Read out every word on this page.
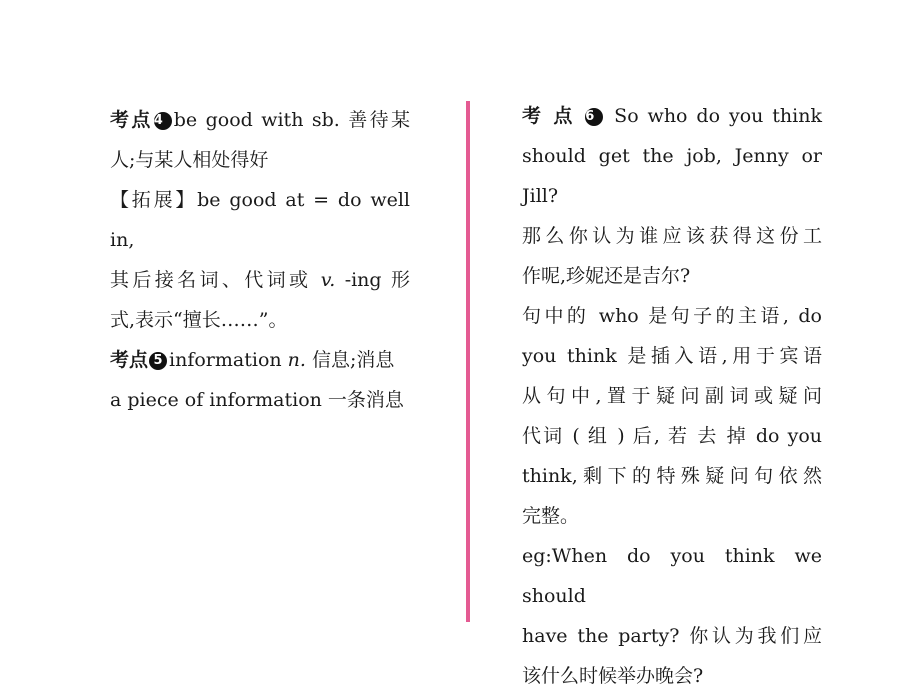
考点4 be good with sb. 善待某
人;与某人相处得好
【拓展】be good at = do well in,
其后接名词、代词或 v. -ing 形
式,表示“擅长……”。
考点 5 information n. 信息;消息
a piece of information 一条消息
考 点 6 So who do you think
should get the job, Jenny or Jill?
那么你认为谁应该获得这份工
作呢,珍妮还是吉尔?
句中的 who 是句子的主语, do
you think 是插入语,用于宾语
从句中,置于疑问副词或疑问
代词 ( 组 ) 后, 若 去 掉 do you
think,剩下的特殊疑问句依然
完整。
eg:When do you think we should
have the party? 你认为我们应
该什么时候举办晚会?
